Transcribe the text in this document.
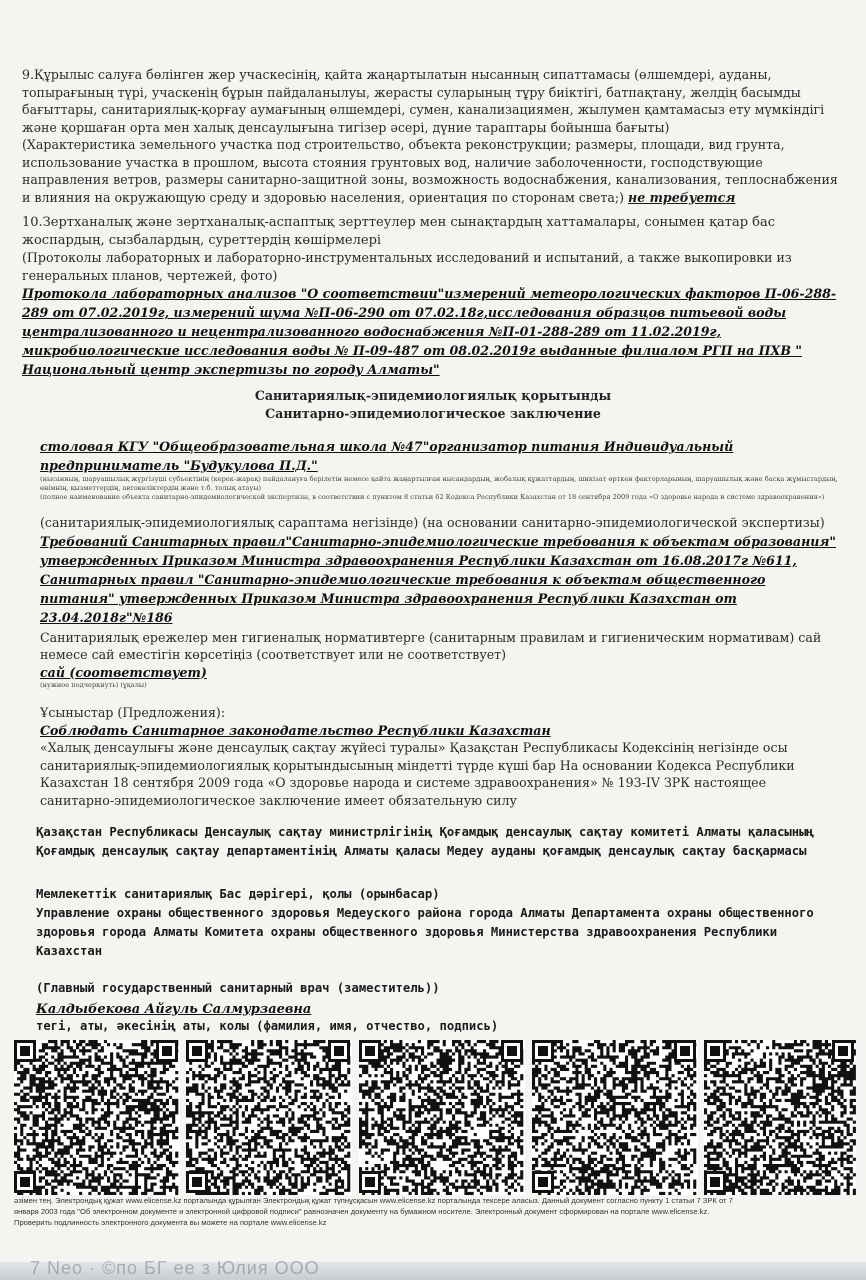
9.Құрылыс салуға бөлінген жер учаскесінің, қайта жаңартылатын нысанның сипаттамасы (өлшемдері, ауданы, топырағының түрі, учаскенің бұрын пайдаланылуы, жерасты суларының тұру биіктігі, батпақтану, желдің басымды бағыттары, санитариялық-қорғау аумағының өлшемдері, сумен, канализациямен, жылумен қамтамасыз ету мүмкіндігі және қоршаған орта мен халық денсаулығына тигізер әсері, дүние тараптары бойынша бағыты)

(Характеристика земельного участка под строительство, объекта реконструкции; размеры, площади, вид грунта, использование участка в прошлом, высота стояния грунтовых вод, наличие заболоченности, господствующие направления ветров, размеры санитарно-защитной зоны, возможность водоснабжения, канализования, теплоснабжения и влияния на окружающую среду и здоровью населения, ориентация по сторонам света;) не требуется

10.Зертханалық және зертханалық-аспаптық зерттеулер мен сынақтардың хаттамалары, сонымен қатар бас жоспардың, сызбалардың, суреттердің көшірмелері

(Протоколы лабораторных и лабораторно-инструментальных исследований и испытаний, а также выкопировки из генеральных планов, чертежей, фото)

Протокола лабораторных анализов "О соответствии"измерений метеорологических факторов П-06-288-289 от 07.02.2019г, измерений шума №П-06-290 от 07.02.18г,исследования образцов питьевой воды централизованного и нецентрализованного водоснабжения №П-01-288-289 от 11.02.2019г, микробиологические исследования воды № П-09-487 от 08.02.2019г выданные филиалом РГП на ПХВ " Национальный центр экспертизы по городу Алматы"

Санитариялық-эпидемиологиялық қорытынды

Санитарно-эпидемиологическое заключение

столовая КГУ "Общеобразовательная школа №47"организатор питания Индивидуальный предприниматель "Будукулова П.Д."

(нысанның, шаруашылық жүргізуші субъектінің (керек-жарақ) пайдалануға берілетін немесе қайта жаңартылған нысандардың, жобалық құжаттардың, шикізат өрткен факторларының, шаруашылық және басқа жұмыстардың, өнімнің, қызметтердің, автокөліктердің және т.б. толық атауы)

(полное наименование объекта санитарно-эпидемиологической экспертизы, в соответствии с пунктом 8 статьи 62 Кодекса Республики Казахстан от 18 сентября 2009 года «О здоровье народа и системе здравоохранения»)

(санитариялық-эпидемиологиялық сараптама негізінде) (на основании санитарно-эпидемиологической экспертизы)

Требований Санитарных правил"Санитарно-эпидемиологические требования к объектам образования" утвержденных Приказом Министра здравоохранения Республики Казахстан от 16.08.2017г №611, Санитарных правил "Санитарно-эпидемиологические требования к объектам общественного питания" утвержденных Приказом Министра здравоохранения Республики Казахстан от 23.04.2018г"№186

Санитариялық ережелер мен гигиеналық нормативтерге (санитарным правилам и гигиеническим нормативам) сай немесе сай еместігін көрсетіңіз (соответствует или не соответствует)

сай (соответствует)

(нужное подчеркнуть) (ұқалы)

Ұсыныстар (Предложения):

Соблюдать Санитарное законодательство Республики Казахстан

«Халық денсаулығы және денсаулық сақтау жүйесі туралы» Қазақстан Республикасы Кодексінің негізінде осы санитариялық-эпидемиологиялық қорытындысының міндетті түрде күші бар На основании Кодекса Республики Казахстан 18 сентября 2009 года «О здоровье народа и системе здравоохранения» № 193-IV ЗРК настоящее санитарно-эпидемиологическое заключение имеет обязательную силу

Қазақстан Республикасы Денсаулық сақтау министрлігінің Қоғамдық денсаулық сақтау комитеті Алматы қаласының Қоғамдық денсаулық сақтау департаментінің Алматы қаласы Медеу ауданы қоғамдық денсаулық сақтау басқармасы

Мемлекеттік санитариялық Бас дәрігері, қолы (орынбасар)

Управление охраны общественного здоровья Медеуского района города Алматы Департамента охраны общественного здоровья города Алматы Комитета охраны общественного здоровья Министерства здравоохранения Республики Казахстан

(Главный государственный санитарный врач (заместитель))

Калдыбекова Айгуль Салмурзаевна

тегі, аты, әкесінің аты, колы (фамилия, имя, отчество, подпись)

әзімен тең. Электрондық құжат www.elicense.kz порталында құрылған Электрондық құжат түпнұсқасын www.elicense.kz порталында тексере аласыз. Данный документ согласно пункту 1 статьи 7 ЗРК от 7 января 2003 года "Об электронном документе и электронной цифровой подписи" равнозначен документу на бумажном носителе. Электронный документ сформирован на портале www.elicense.kz. Проверить подлинность электронного документа вы можете на портале www.elicense.kz
7 Neo · ©по БГ ее з Юлия ООО
